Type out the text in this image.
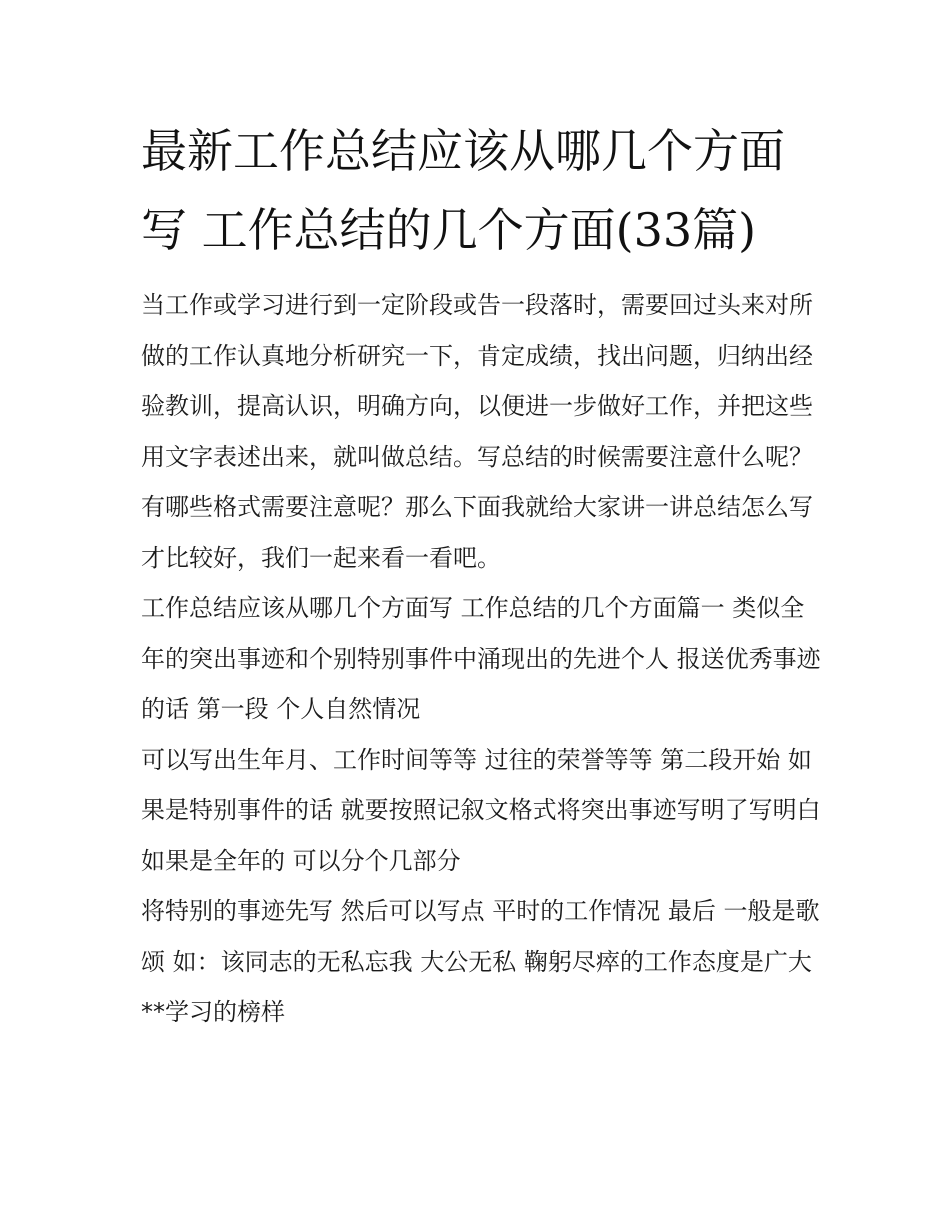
最新工作总结应该从哪几个方面写 工作总结的几个方面(33篇)

当工作或学习进行到一定阶段或告一段落时，需要回过头来对所做的工作认真地分析研究一下，肯定成绩，找出问题，归纳出经验教训，提高认识，明确方向，以便进一步做好工作，并把这些用文字表述出来，就叫做总结。写总结的时候需要注意什么呢？有哪些格式需要注意呢？那么下面我就给大家讲一讲总结怎么写才比较好，我们一起来看一看吧。

工作总结应该从哪几个方面写 工作总结的几个方面篇一 类似全年的突出事迹和个别特别事件中涌现出的先进个人 报送优秀事迹的话 第一段 个人自然情况

可以写出生年月、工作时间等等 过往的荣誉等等 第二段开始 如果是特别事件的话 就要按照记叙文格式将突出事迹写明了写明白 如果是全年的 可以分个几部分

将特别的事迹先写 然后可以写点 平时的工作情况 最后 一般是歌颂 如：该同志的无私忘我 大公无私 鞠躬尽瘁的工作态度是广大**学习的榜样
